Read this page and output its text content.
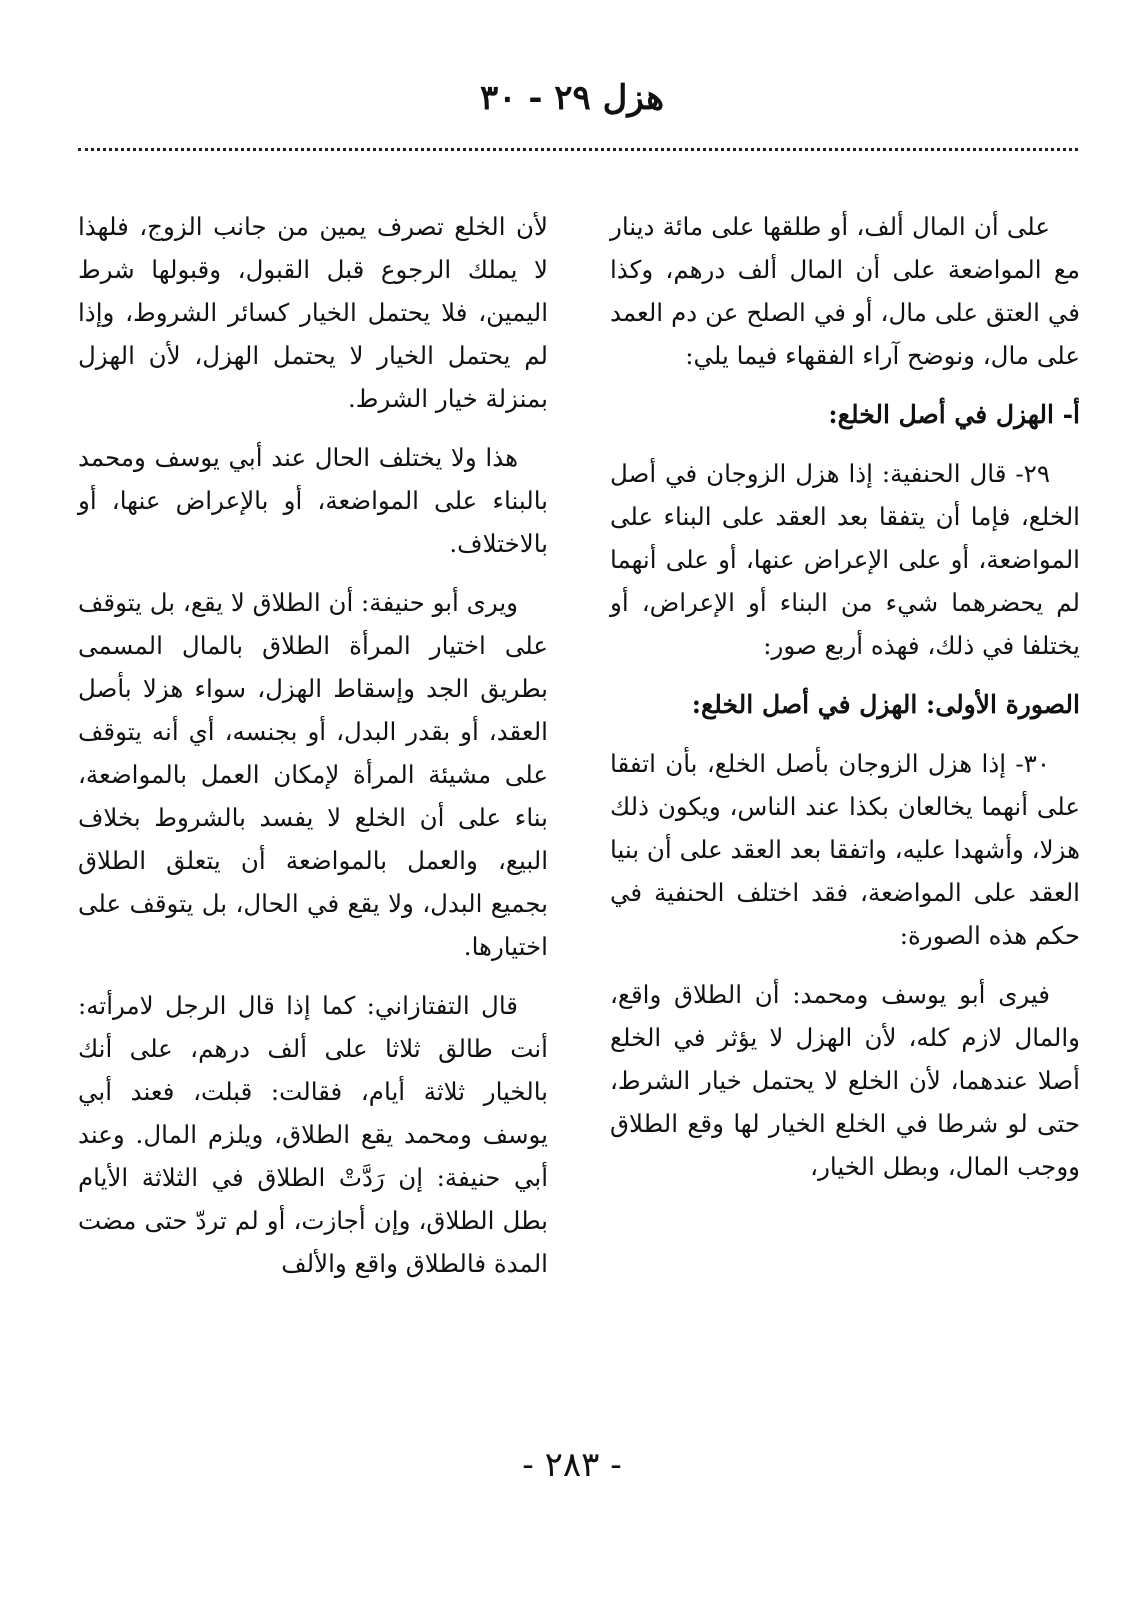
هزل ٢٩ - ٣٠

على أن المال ألف، أو طلقها على مائة دينار مع المواضعة على أن المال ألف درهم، وكذا في العتق على مال، أو في الصلح عن دم العمد على مال، ونوضح آراء الفقهاء فيما يلي:

أ- الهزل في أصل الخلع:

٢٩- قال الحنفية: إذا هزل الزوجان في أصل الخلع، فإما أن يتفقا بعد العقد على البناء على المواضعة، أو على الإعراض عنها، أو على أنهما لم يحضرهما شيء من البناء أو الإعراض، أو يختلفا في ذلك، فهذه أربع صور:

الصورة الأولى: الهزل في أصل الخلع:

٣٠- إذا هزل الزوجان بأصل الخلع، بأن اتفقا على أنهما يخالعان بكذا عند الناس، ويكون ذلك هزلا، وأشهدا عليه، واتفقا بعد العقد على أن بنيا العقد على المواضعة، فقد اختلف الحنفية في حكم هذه الصورة:

فيرى أبو يوسف ومحمد: أن الطلاق واقع، والمال لازم كله، لأن الهزل لا يؤثر في الخلع أصلا عندهما، لأن الخلع لا يحتمل خيار الشرط، حتى لو شرطا في الخلع الخيار لها وقع الطلاق ووجب المال، وبطل الخيار،

لأن الخلع تصرف يمين من جانب الزوج، فلهذا لا يملك الرجوع قبل القبول، وقبولها شرط اليمين، فلا يحتمل الخيار كسائر الشروط، وإذا لم يحتمل الخيار لا يحتمل الهزل، لأن الهزل بمنزلة خيار الشرط.

هذا ولا يختلف الحال عند أبي يوسف ومحمد بالبناء على المواضعة، أو بالإعراض عنها، أو بالاختلاف.

ويرى أبو حنيفة: أن الطلاق لا يقع، بل يتوقف على اختيار المرأة الطلاق بالمال المسمى بطريق الجد وإسقاط الهزل، سواء هزلا بأصل العقد، أو بقدر البدل، أو بجنسه، أي أنه يتوقف على مشيئة المرأة لإمكان العمل بالمواضعة، بناء على أن الخلع لا يفسد بالشروط بخلاف البيع، والعمل بالمواضعة أن يتعلق الطلاق بجميع البدل، ولا يقع في الحال، بل يتوقف على اختيارها.

قال التفتازاني: كما إذا قال الرجل لامرأته: أنت طالق ثلاثا على ألف درهم، على أنك بالخيار ثلاثة أيام، فقالت: قبلت، فعند أبي يوسف ومحمد يقع الطلاق، ويلزم المال. وعند أبي حنيفة: إن رَدَّتْ الطلاق في الثلاثة الأيام بطل الطلاق، وإن أجازت، أو لم تردّ حتى مضت المدة فالطلاق واقع والألف

- ٢٨٣ -
